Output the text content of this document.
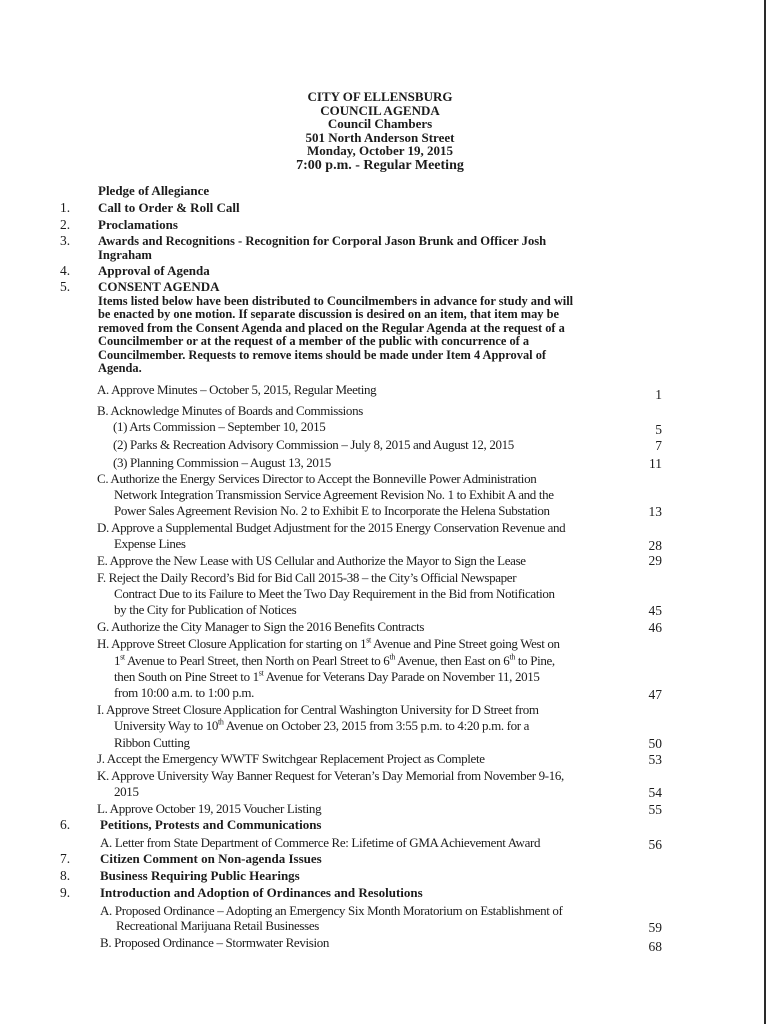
CITY OF ELLENSBURG
COUNCIL AGENDA
Council Chambers
501 North Anderson Street
Monday, October 19, 2015
7:00 p.m. - Regular Meeting
Pledge of Allegiance
1. Call to Order & Roll Call
2. Proclamations
3. Awards and Recognitions - Recognition for Corporal Jason Brunk and Officer Josh
Ingraham
4. Approval of Agenda
5. CONSENT AGENDA
Items listed below have been distributed to Councilmembers in advance for study and will
be enacted by one motion. If separate discussion is desired on an item, that item may be
removed from the Consent Agenda and placed on the Regular Agenda at the request of a
Councilmember or at the request of a member of the public with concurrence of a
Councilmember. Requests to remove items should be made under Item 4 Approval of
Agenda.
A. Approve Minutes – October 5, 2015, Regular Meeting	1
B. Acknowledge Minutes of Boards and Commissions
(1) Arts Commission – September 10, 2015	5
(2) Parks & Recreation Advisory Commission – July 8, 2015 and August 12, 2015	7
(3) Planning Commission – August 13, 2015	11
C. Authorize the Energy Services Director to Accept the Bonneville Power Administration
Network Integration Transmission Service Agreement Revision No. 1 to Exhibit A and the
Power Sales Agreement Revision No. 2 to Exhibit E to Incorporate the Helena Substation	13
D. Approve a Supplemental Budget Adjustment for the 2015 Energy Conservation Revenue and
Expense Lines	28
E. Approve the New Lease with US Cellular and Authorize the Mayor to Sign the Lease	29
F. Reject the Daily Record’s Bid for Bid Call 2015-38 – the City’s Official Newspaper
Contract Due to its Failure to Meet the Two Day Requirement in the Bid from Notification
by the City for Publication of Notices	45
G. Authorize the City Manager to Sign the 2016 Benefits Contracts	46
H. Approve Street Closure Application for starting on 1st Avenue and Pine Street going West on
1st Avenue to Pearl Street, then North on Pearl Street to 6th Avenue, then East on 6th to Pine,
then South on Pine Street to 1st Avenue for Veterans Day Parade on November 11, 2015
from 10:00 a.m. to 1:00 p.m.	47
I. Approve Street Closure Application for Central Washington University for D Street from
University Way to 10th Avenue on October 23, 2015 from 3:55 p.m. to 4:20 p.m. for a
Ribbon Cutting	50
J. Accept the Emergency WWTF Switchgear Replacement Project as Complete	53
K. Approve University Way Banner Request for Veteran’s Day Memorial from November 9-16,
2015	54
L. Approve October 19, 2015 Voucher Listing	55
6. Petitions, Protests and Communications
A. Letter from State Department of Commerce Re: Lifetime of GMA Achievement Award	56
7. Citizen Comment on Non-agenda Issues
8. Business Requiring Public Hearings
9. Introduction and Adoption of Ordinances and Resolutions
A. Proposed Ordinance – Adopting an Emergency Six Month Moratorium on Establishment of
Recreational Marijuana Retail Businesses	59
B. Proposed Ordinance – Stormwater Revision	68
